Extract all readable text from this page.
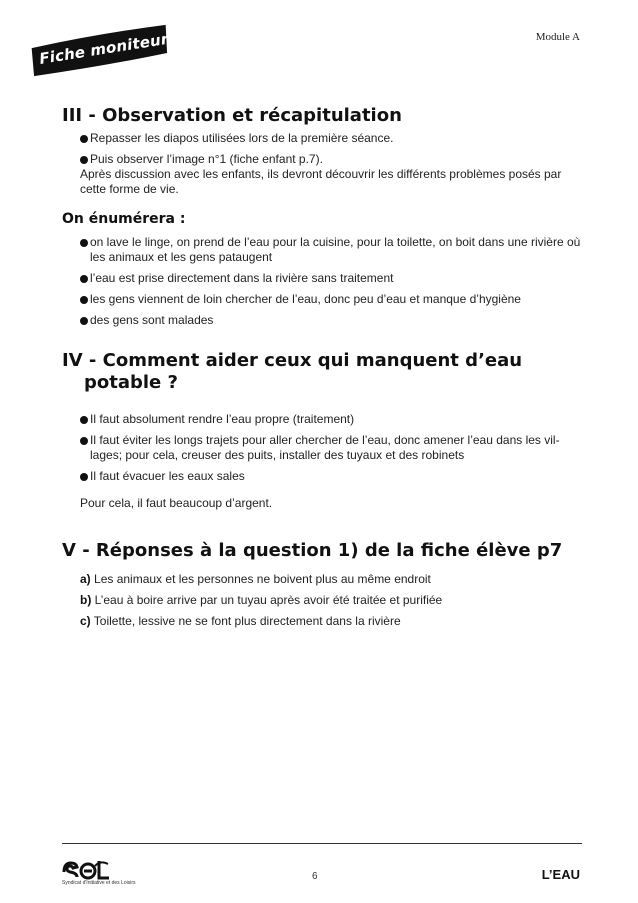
Module A
Fiche moniteur
III - Observation et récapitulation
Repasser les diapos utilisées lors de la première séance.
Puis observer l’image n°1 (fiche enfant p.7).
Après discussion avec les enfants, ils devront découvrir les différents problèmes posés par cette forme de vie.
On énumérera :
on lave le linge, on prend de l’eau pour la cuisine, pour la toilette, on boit dans une rivière où les animaux et les gens pataugent
l’eau est prise directement dans la rivière sans traitement
les gens viennent de loin chercher de l’eau, donc peu d’eau et manque d’hygiène
des gens sont malades
IV - Comment aider ceux qui manquent d’eau
potable ?
Il faut absolument rendre l’eau propre (traitement)
Il faut éviter les longs trajets pour aller chercher de l’eau, donc amener l’eau dans les vil-lages; pour cela, creuser des puits, installer des tuyaux et des robinets
Il faut évacuer les eaux sales
Pour cela, il faut beaucoup d’argent.
V - Réponses à la question 1) de la fiche élève p7
a) Les animaux et les personnes ne boivent plus au même endroit
b) L’eau à boire arrive par un tuyau après avoir été traitée et purifiée
c) Toilette, lessive ne se font plus directement dans la rivière
Syndicat d'Initiative et des Loisirs
6	L’EAU
